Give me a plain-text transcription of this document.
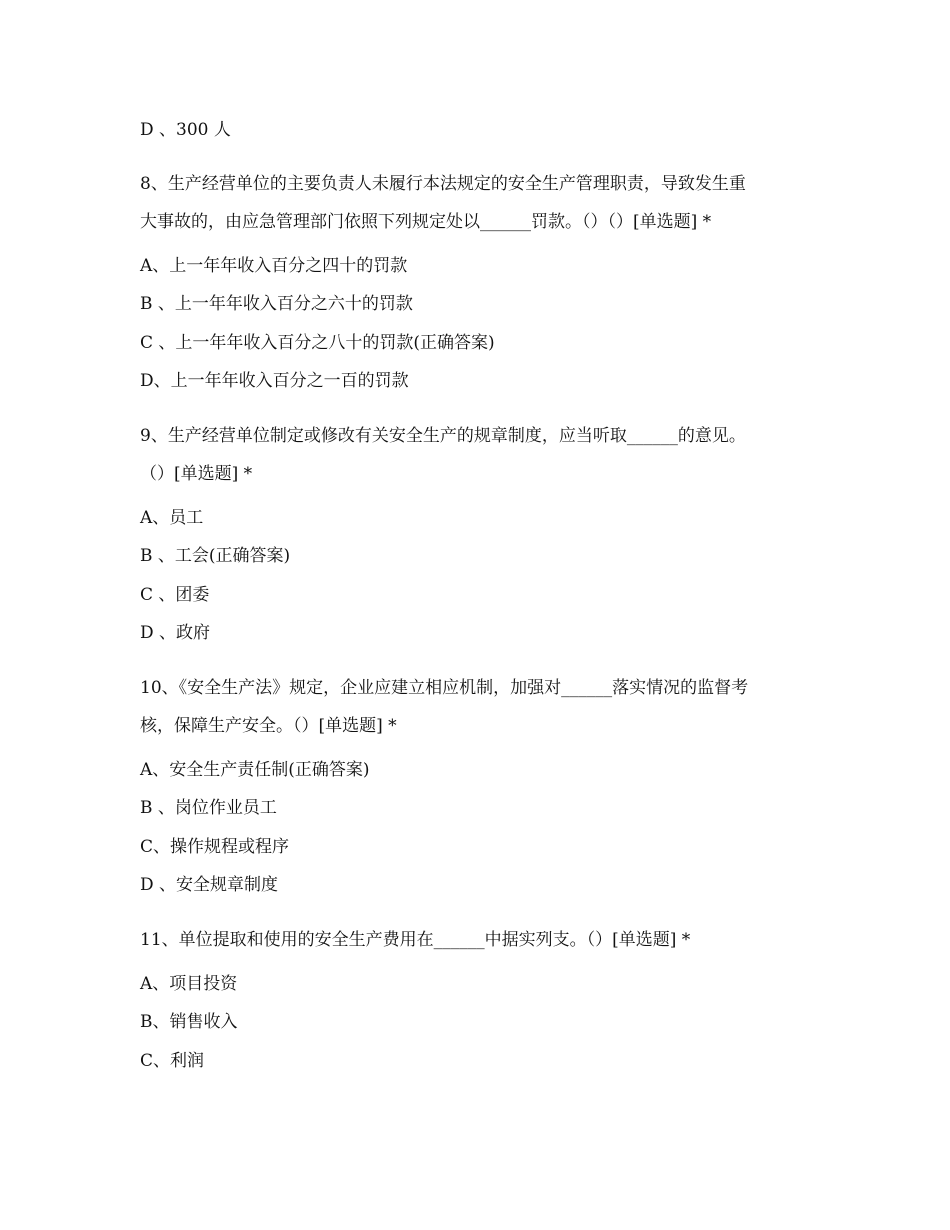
D 、300 人
8、生产经营单位的主要负责人未履行本法规定的安全生产管理职责，导致发生重
大事故的，由应急管理部门依照下列规定处以______罚款。（）（）[单选题] *
A、上一年年收入百分之四十的罚款
B 、上一年年收入百分之六十的罚款
C 、上一年年收入百分之八十的罚款(正确答案)
D、上一年年收入百分之一百的罚款
9、生产经营单位制定或修改有关安全生产的规章制度，应当听取______的意见。
（）[单选题] *
A、员工
B 、工会(正确答案)
C 、团委
D 、政府
10、《安全生产法》规定，企业应建立相应机制，加强对______落实情况的监督考
核，保障生产安全。（）[单选题] *
A、安全生产责任制(正确答案)
B 、岗位作业员工
C、操作规程或程序
D 、安全规章制度
11、单位提取和使用的安全生产费用在______中据实列支。（）[单选题] *
A、项目投资
B、销售收入
C、利润
